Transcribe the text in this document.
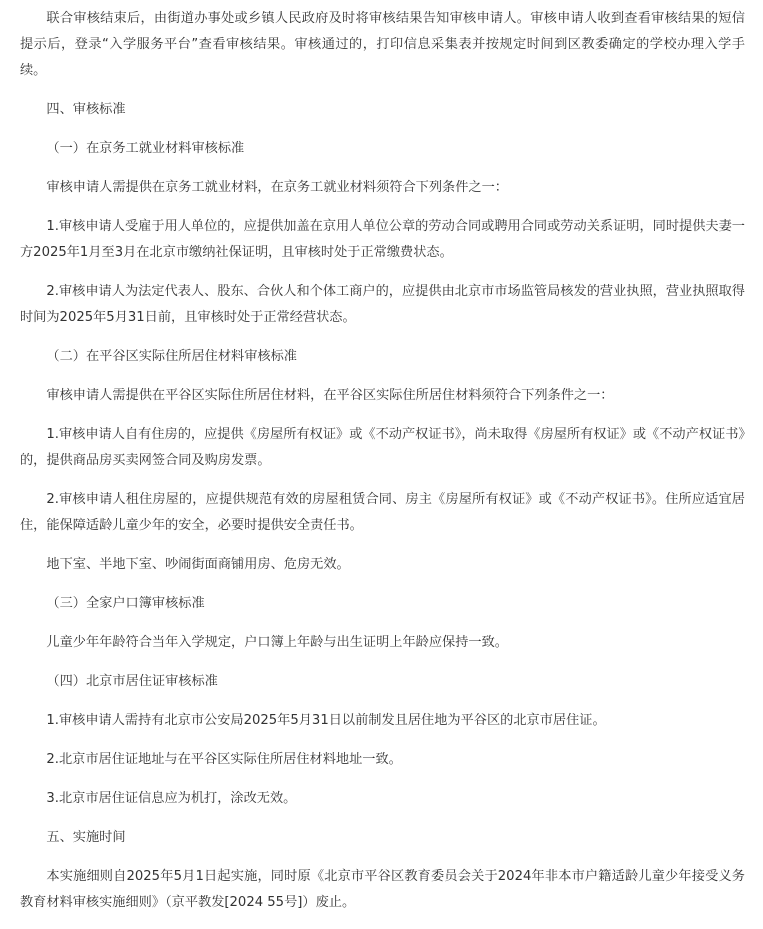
联合审核结束后，由街道办事处或乡镇人民政府及时将审核结果告知审核申请人。审核申请人收到查看审核结果的短信提示后，登录“入学服务平台”查看审核结果。审核通过的，打印信息采集表并按规定时间到区教委确定的学校办理入学手续。

四、审核标准

（一）在京务工就业材料审核标准

审核申请人需提供在京务工就业材料，在京务工就业材料须符合下列条件之一：

1.审核申请人受雇于用人单位的，应提供加盖在京用人单位公章的劳动合同或聘用合同或劳动关系证明，同时提供夫妻一方2025年1月至3月在北京市缴纳社保证明，且审核时处于正常缴费状态。

2.审核申请人为法定代表人、股东、合伙人和个体工商户的，应提供由北京市市场监管局核发的营业执照，营业执照取得时间为2025年5月31日前，且审核时处于正常经营状态。

（二）在平谷区实际住所居住材料审核标准

审核申请人需提供在平谷区实际住所居住材料，在平谷区实际住所居住材料须符合下列条件之一：

1.审核申请人自有住房的，应提供《房屋所有权证》或《不动产权证书》，尚未取得《房屋所有权证》或《不动产权证书》的，提供商品房买卖网签合同及购房发票。

2.审核申请人租住房屋的，应提供规范有效的房屋租赁合同、房主《房屋所有权证》或《不动产权证书》。住所应适宜居住，能保障适龄儿童少年的安全，必要时提供安全责任书。

地下室、半地下室、吵闹街面商铺用房、危房无效。

（三）全家户口簿审核标准

儿童少年年龄符合当年入学规定，户口簿上年龄与出生证明上年龄应保持一致。

（四）北京市居住证审核标准

1.审核申请人需持有北京市公安局2025年5月31日以前制发且居住地为平谷区的北京市居住证。

2.北京市居住证地址与在平谷区实际住所居住材料地址一致。

3.北京市居住证信息应为机打，涂改无效。

五、实施时间

本实施细则自2025年5月1日起实施，同时原《北京市平谷区教育委员会关于2024年非本市户籍适龄儿童少年接受义务教育材料审核实施细则》（京平教发[2024 55号]）废止。
